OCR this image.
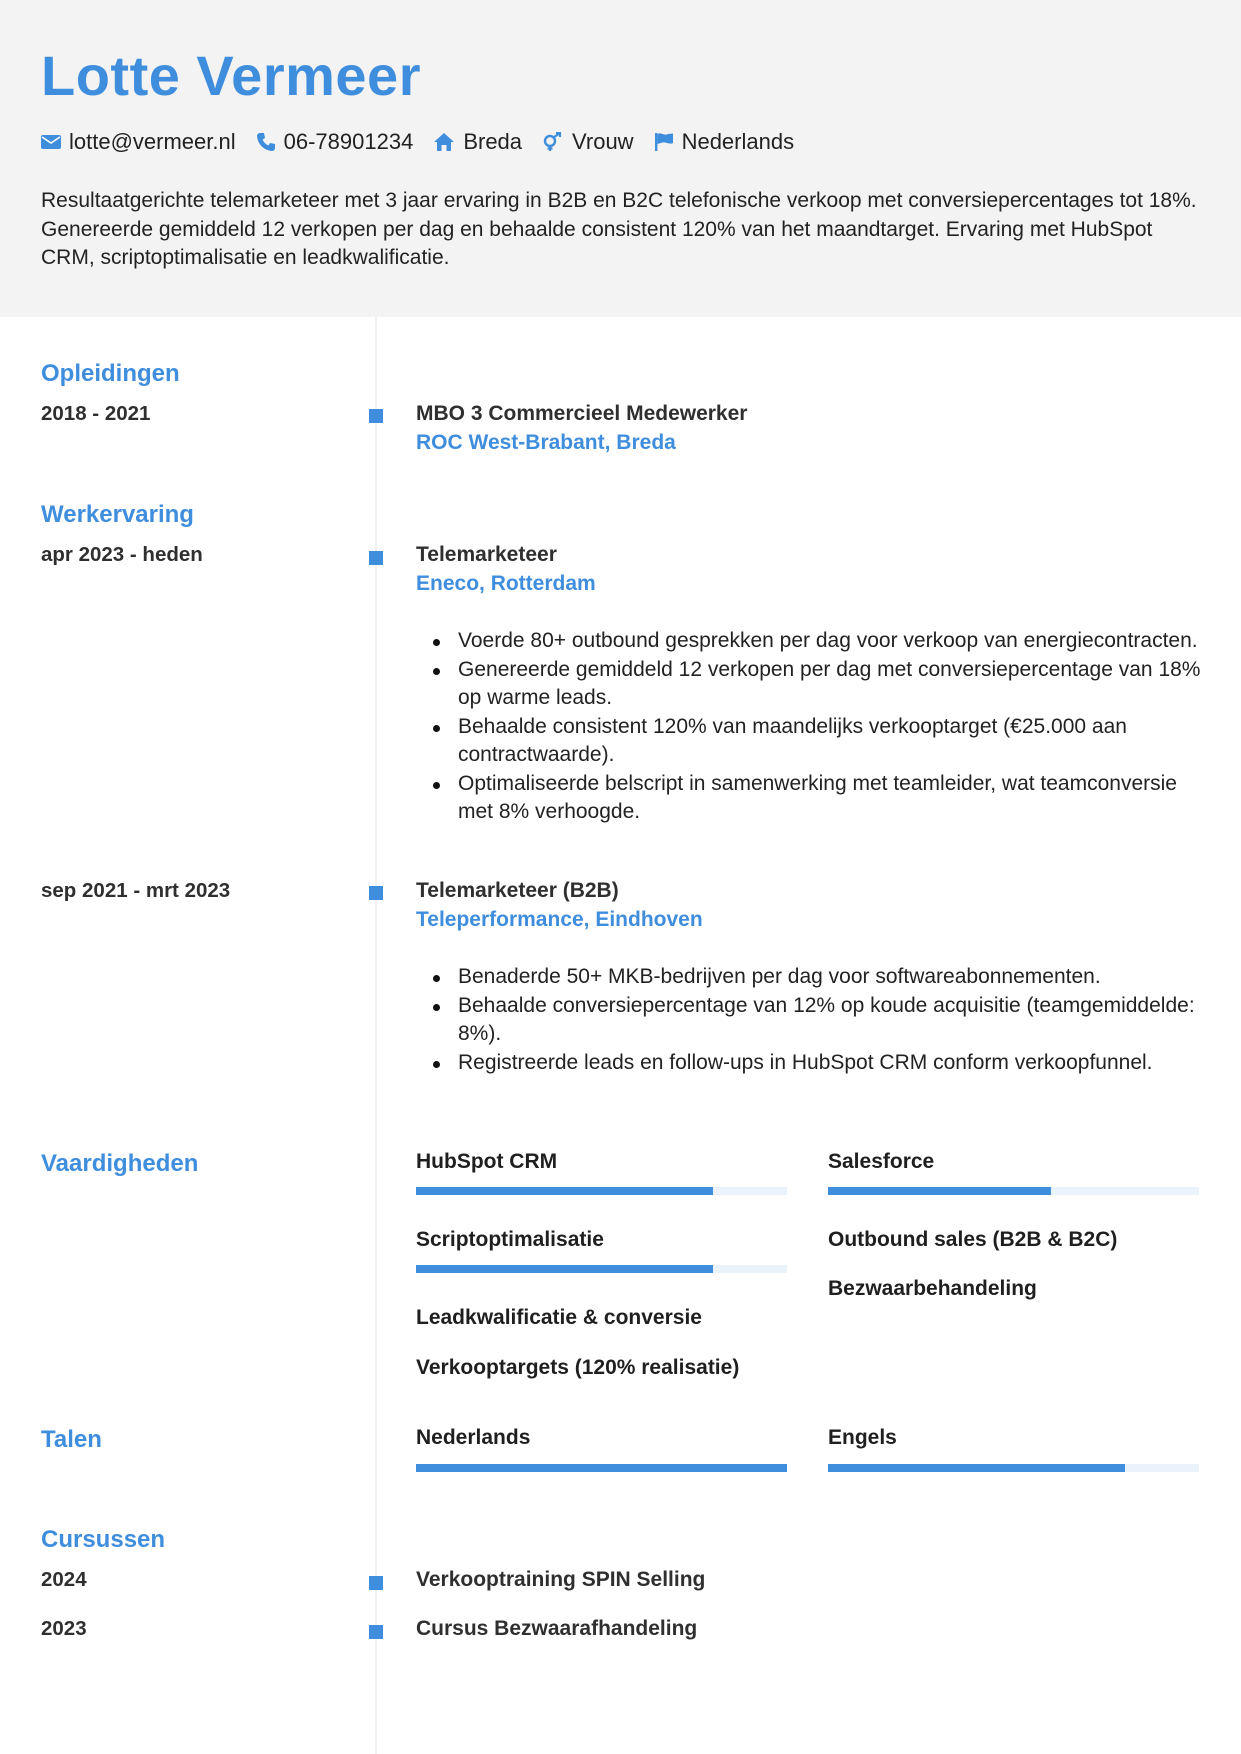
Lotte Vermeer
lotte@vermeer.nl 06-78901234 Breda Vrouw Nederlands
Resultaatgerichte telemarketeer met 3 jaar ervaring in B2B en B2C telefonische verkoop met conversiepercentages tot 18%. Genereerde gemiddeld 12 verkopen per dag en behaalde consistent 120% van het maandtarget. Ervaring met HubSpot CRM, scriptoptimalisatie en leadkwalificatie.
Opleidingen
2018 - 2021	MBO 3 Commercieel Medewerker
ROC West-Brabant, Breda
Werkervaring
apr 2023 - heden	Telemarketeer
Eneco, Rotterdam
Voerde 80+ outbound gesprekken per dag voor verkoop van energiecontracten.
Genereerde gemiddeld 12 verkopen per dag met conversiepercentage van 18% op warme leads.
Behaalde consistent 120% van maandelijks verkooptarget (€25.000 aan contractwaarde).
Optimaliseerde belscript in samenwerking met teamleider, wat teamconversie met 8% verhoogde.
sep 2021 - mrt 2023	Telemarketeer (B2B)
Teleperformance, Eindhoven
Benaderde 50+ MKB-bedrijven per dag voor softwareabonnementen.
Behaalde conversiepercentage van 12% op koude acquisitie (teamgemiddelde: 8%).
Registreerde leads en follow-ups in HubSpot CRM conform verkoopfunnel.
Vaardigheden	HubSpot CRM	Salesforce
Scriptoptimalisatie	Outbound sales (B2B & B2C)
Bezwaarbehandeling
Leadkwalificatie & conversie
Verkooptargets (120% realisatie)
Talen	Nederlands	Engels
Cursussen
2024	Verkooptraining SPIN Selling
2023	Cursus Bezwaarafhandeling
